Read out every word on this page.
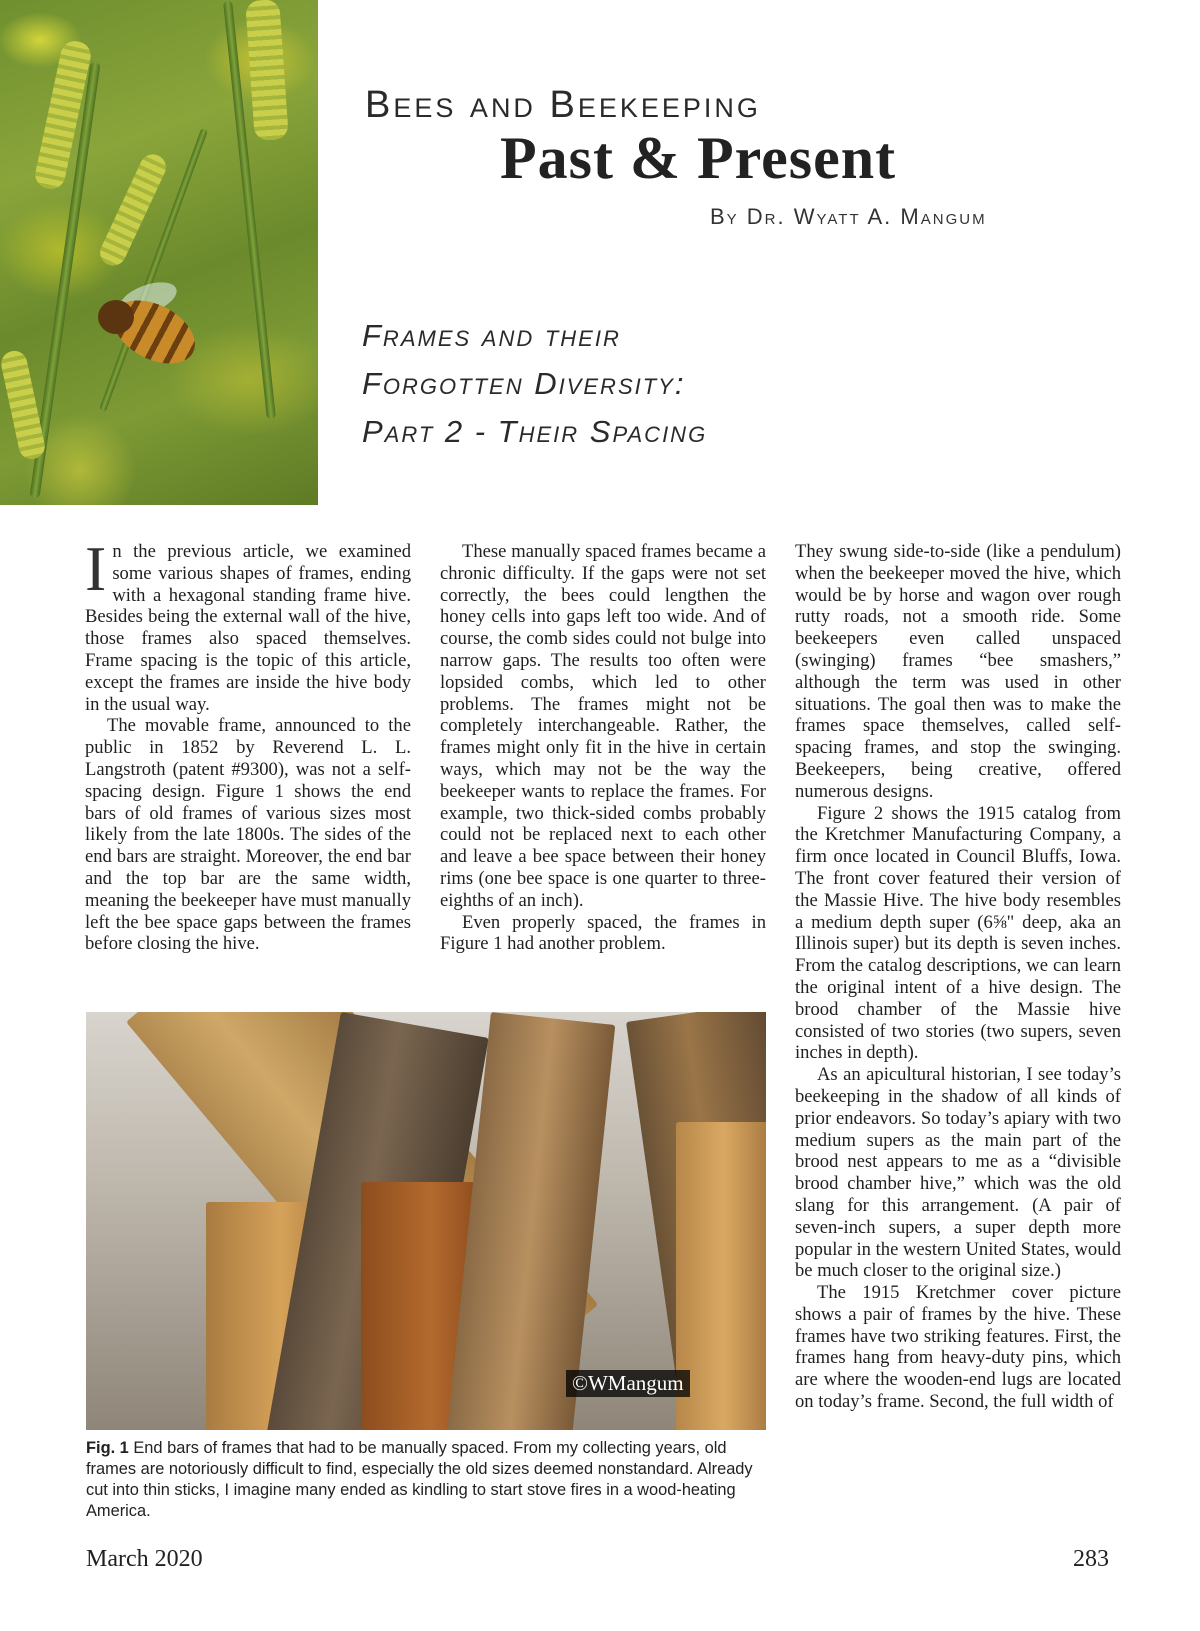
Bees and Beekeeping
Past & Present
By Dr. Wyatt A. Mangum
Frames and their
Forgotten Diversity:
Part 2 - Their Spacing

In the previous article, we examined some various shapes of frames, ending with a hexagonal standing frame hive. Besides being the external wall of the hive, those frames also spaced themselves. Frame spacing is the topic of this article, except the frames are inside the hive body in the usual way.

The movable frame, announced to the public in 1852 by Reverend L. L. Langstroth (patent #9300), was not a self-spacing design. Figure 1 shows the end bars of old frames of various sizes most likely from the late 1800s. The sides of the end bars are straight. Moreover, the end bar and the top bar are the same width, meaning the beekeeper have must manually left the bee space gaps between the frames before closing the hive.

These manually spaced frames became a chronic difficulty. If the gaps were not set correctly, the bees could lengthen the honey cells into gaps left too wide. And of course, the comb sides could not bulge into narrow gaps. The results too often were lopsided combs, which led to other problems. The frames might not be completely interchangeable. Rather, the frames might only fit in the hive in certain ways, which may not be the way the beekeeper wants to replace the frames. For example, two thick-sided combs probably could not be replaced next to each other and leave a bee space between their honey rims (one bee space is one quarter to three-eighths of an inch).

Even properly spaced, the frames in Figure 1 had another problem.

They swung side-to-side (like a pendulum) when the beekeeper moved the hive, which would be by horse and wagon over rough rutty roads, not a smooth ride. Some beekeepers even called unspaced (swinging) frames “bee smashers,” although the term was used in other situations. The goal then was to make the frames space themselves, called self-spacing frames, and stop the swinging. Beekeepers, being creative, offered numerous designs.

Figure 2 shows the 1915 catalog from the Kretchmer Manufacturing Company, a firm once located in Council Bluffs, Iowa. The front cover featured their version of the Massie Hive. The hive body resembles a medium depth super (6⅝" deep, aka an Illinois super) but its depth is seven inches. From the catalog descriptions, we can learn the original intent of a hive design. The brood chamber of the Massie hive consisted of two stories (two supers, seven inches in depth).

As an apicultural historian, I see today’s beekeeping in the shadow of all kinds of prior endeavors. So today’s apiary with two medium supers as the main part of the brood nest appears to me as a “divisible brood chamber hive,” which was the old slang for this arrangement. (A pair of seven-inch supers, a super depth more popular in the western United States, would be much closer to the original size.)

The 1915 Kretchmer cover picture shows a pair of frames by the hive. These frames have two striking features. First, the frames hang from heavy-duty pins, which are where the wooden-end lugs are located on today’s frame. Second, the full width of

©WMangum
Fig. 1 End bars of frames that had to be manually spaced. From my collecting years, old frames are notoriously difficult to find, especially the old sizes deemed nonstandard. Already cut into thin sticks, I imagine many ended as kindling to start stove fires in a wood-heating America.
March 2020	283
